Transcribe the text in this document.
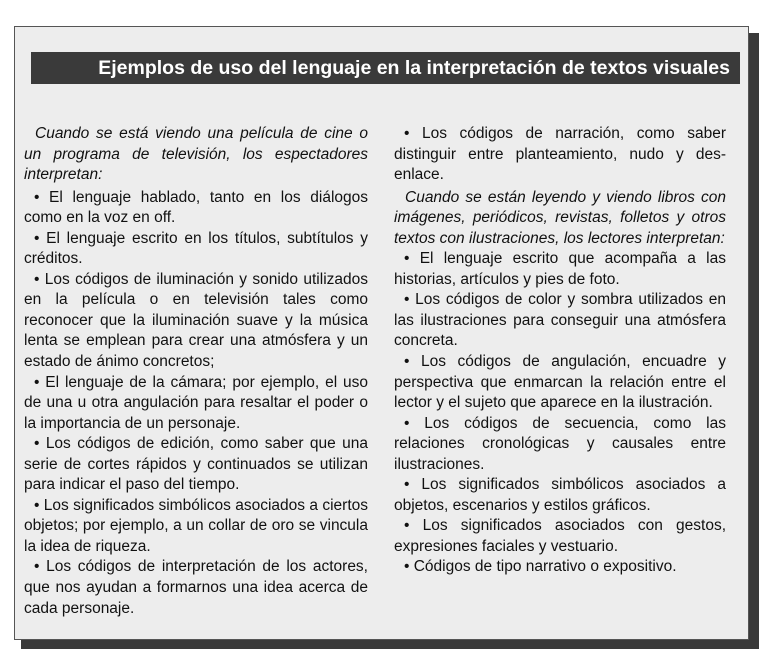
Ejemplos de uso del lenguaje en la interpretación de textos visuales

Cuando se está viendo una película de cine o un programa de televisión, los espectadores interpretan:

• El lenguaje hablado, tanto en los diálogos como en la voz en off.

• El lenguaje escrito en los títulos, subtítulos y créditos.

• Los códigos de iluminación y sonido utilizados en la película o en televisión tales como reconocer que la iluminación suave y la música lenta se emplean para crear una atmósfera y un estado de ánimo concretos;

• El lenguaje de la cámara; por ejemplo, el uso de una u otra angulación para resaltar el poder o la importancia de un personaje.

• Los códigos de edición, como saber que una serie de cortes rápidos y continuados se utilizan para indicar el paso del tiempo.

• Los significados simbólicos asociados a ciertos objetos; por ejemplo, a un collar de oro se vincula la idea de riqueza.

• Los códigos de interpretación de los actores, que nos ayudan a formarnos una idea acerca de cada personaje.

• Los códigos de narración, como saber distinguir entre planteamiento, nudo y desenlace.

Cuando se están leyendo y viendo libros con imágenes, periódicos, revistas, folletos y otros textos con ilustraciones, los lectores interpretan:

• El lenguaje escrito que acompaña a las historias, artículos y pies de foto.

• Los códigos de color y sombra utilizados en las ilustraciones para conseguir una atmósfera concreta.

• Los códigos de angulación, encuadre y perspectiva que enmarcan la relación entre el lector y el sujeto que aparece en la ilustración.

• Los códigos de secuencia, como las relaciones cronológicas y causales entre ilustraciones.

• Los significados simbólicos asociados a objetos, escenarios y estilos gráficos.

• Los significados asociados con gestos, expresiones faciales y vestuario.

• Códigos de tipo narrativo o expositivo.
